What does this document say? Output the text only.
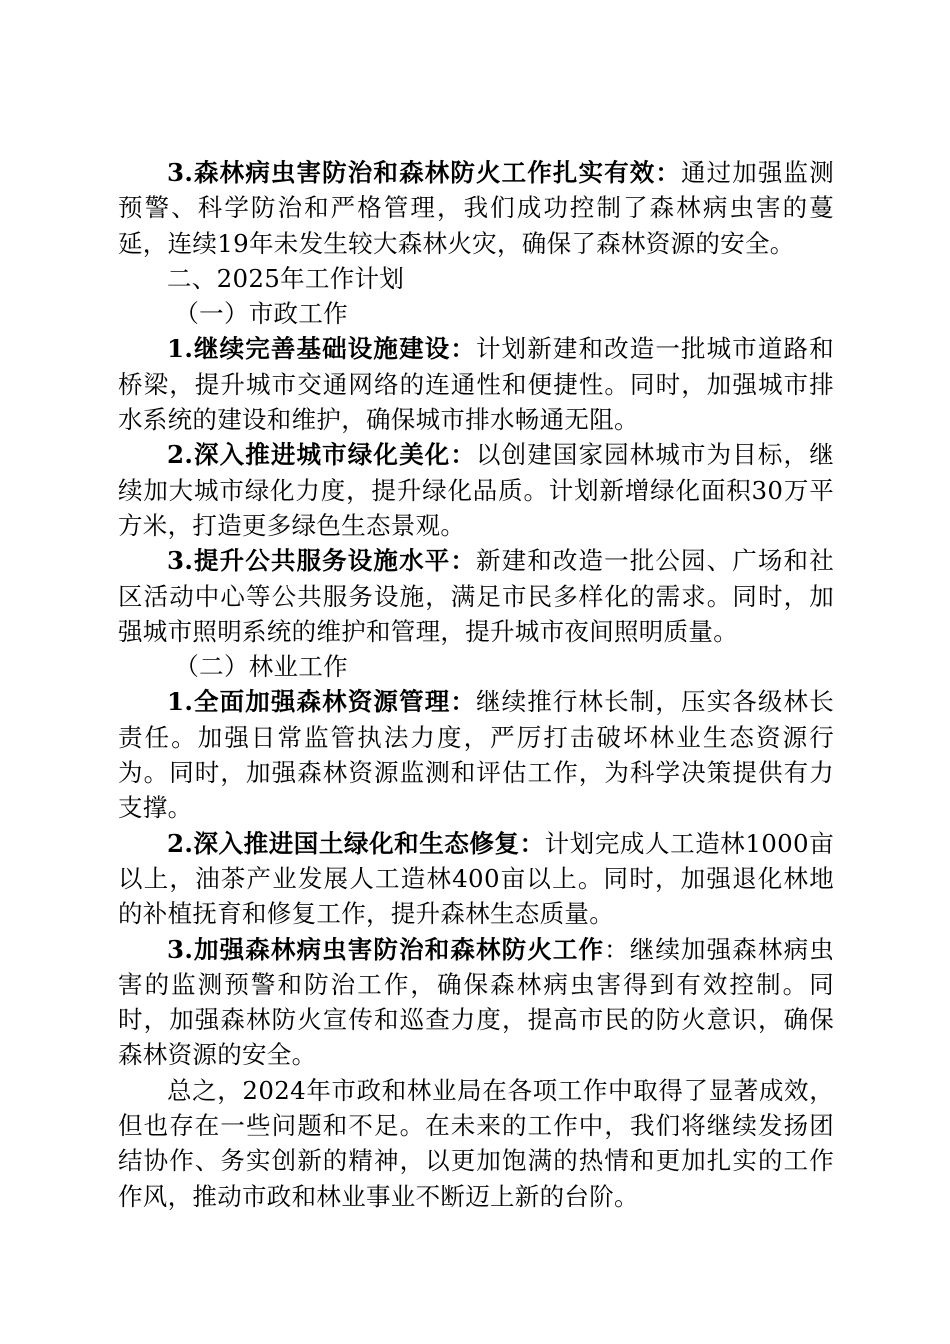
3.森林病虫害防治和森林防火工作扎实有效：通过加强监测预警、科学防治和严格管理，我们成功控制了森林病虫害的蔓延，连续19年未发生较大森林火灾，确保了森林资源的安全。

二、2025年工作计划

（一）市政工作

1.继续完善基础设施建设：计划新建和改造一批城市道路和桥梁，提升城市交通网络的连通性和便捷性。同时，加强城市排水系统的建设和维护，确保城市排水畅通无阻。

2.深入推进城市绿化美化：以创建国家园林城市为目标，继续加大城市绿化力度，提升绿化品质。计划新增绿化面积30万平方米，打造更多绿色生态景观。

3.提升公共服务设施水平：新建和改造一批公园、广场和社区活动中心等公共服务设施，满足市民多样化的需求。同时，加强城市照明系统的维护和管理，提升城市夜间照明质量。

（二）林业工作

1.全面加强森林资源管理：继续推行林长制，压实各级林长责任。加强日常监管执法力度，严厉打击破坏林业生态资源行为。同时，加强森林资源监测和评估工作，为科学决策提供有力支撑。

2.深入推进国土绿化和生态修复：计划完成人工造林1000亩以上，油茶产业发展人工造林400亩以上。同时，加强退化林地的补植抚育和修复工作，提升森林生态质量。

3.加强森林病虫害防治和森林防火工作：继续加强森林病虫害的监测预警和防治工作，确保森林病虫害得到有效控制。同时，加强森林防火宣传和巡查力度，提高市民的防火意识，确保森林资源的安全。

总之，2024年市政和林业局在各项工作中取得了显著成效，但也存在一些问题和不足。在未来的工作中，我们将继续发扬团结协作、务实创新的精神，以更加饱满的热情和更加扎实的工作作风，推动市政和林业事业不断迈上新的台阶。
